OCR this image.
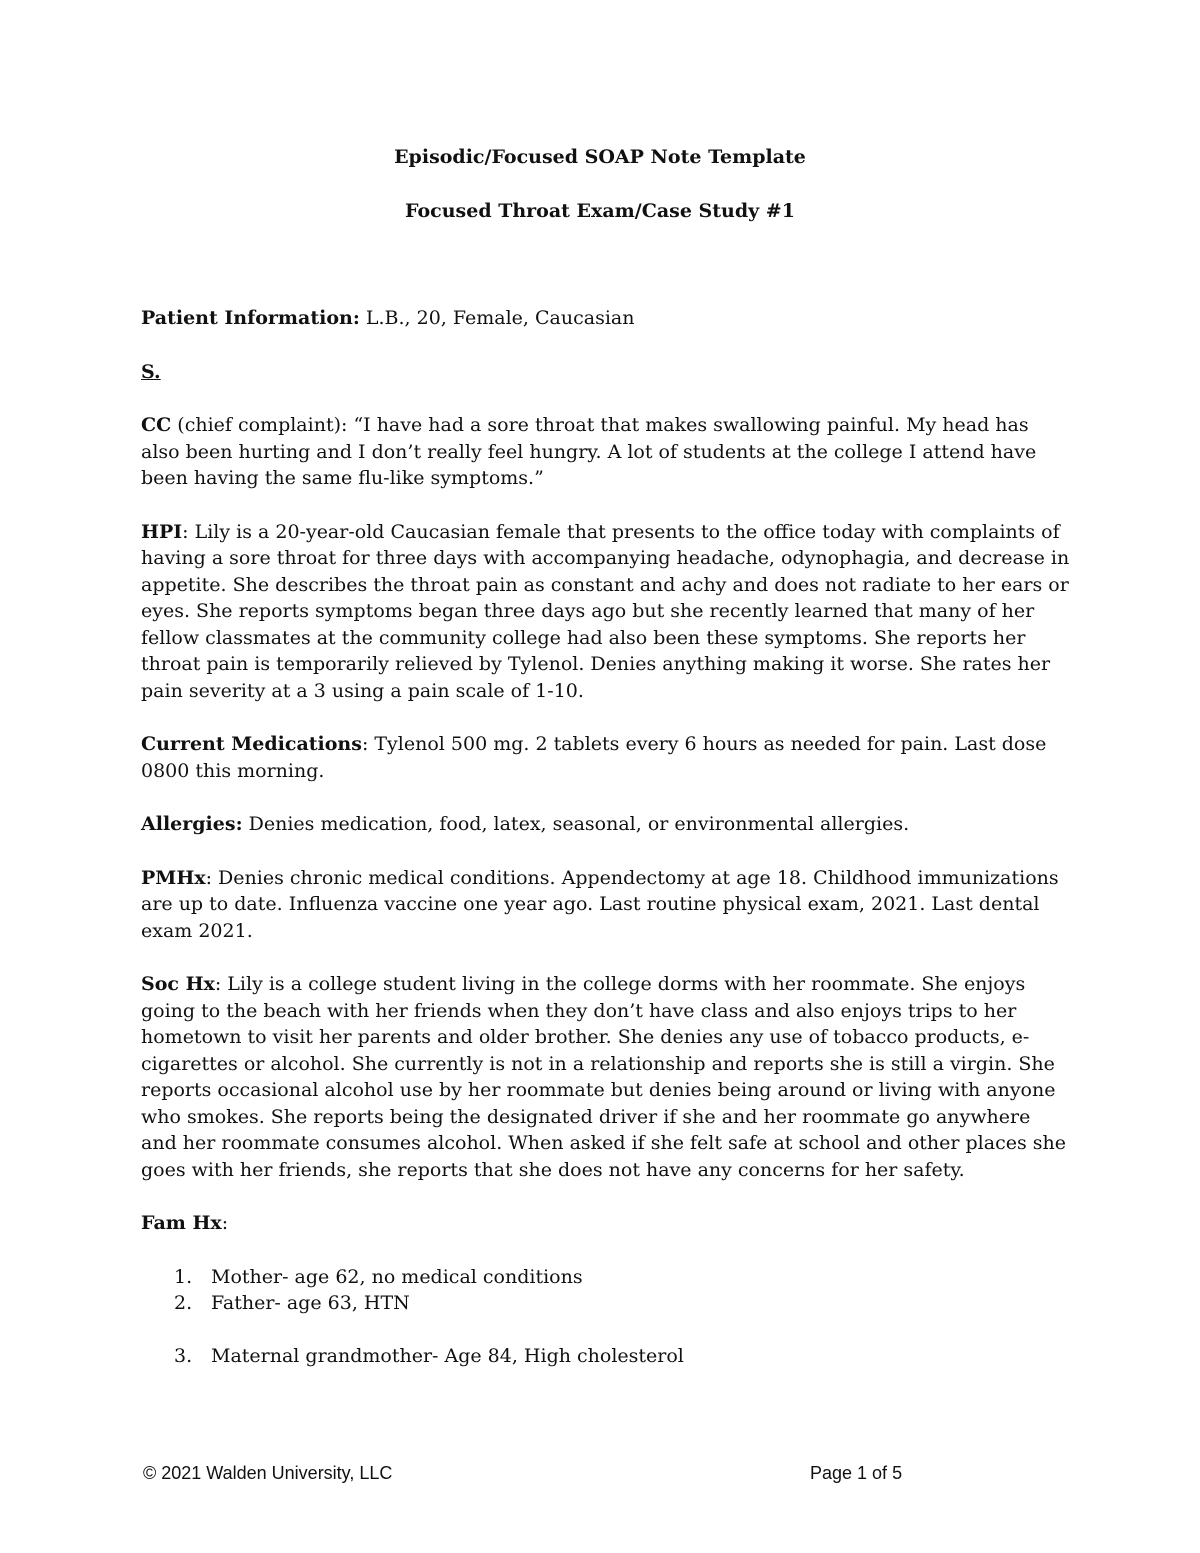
Episodic/Focused SOAP Note Template
Focused Throat Exam/Case Study #1

Patient Information: L.B., 20, Female, Caucasian

S.

CC (chief complaint): “I have had a sore throat that makes swallowing painful. My head has also been hurting and I don’t really feel hungry. A lot of students at the college I attend have been having the same flu-like symptoms.”

HPI: Lily is a 20-year-old Caucasian female that presents to the office today with complaints of having a sore throat for three days with accompanying headache, odynophagia, and decrease in appetite. She describes the throat pain as constant and achy and does not radiate to her ears or eyes. She reports symptoms began three days ago but she recently learned that many of her fellow classmates at the community college had also been these symptoms. She reports her throat pain is temporarily relieved by Tylenol. Denies anything making it worse. She rates her pain severity at a 3 using a pain scale of 1-10.

Current Medications: Tylenol 500 mg. 2 tablets every 6 hours as needed for pain. Last dose 0800 this morning.

Allergies: Denies medication, food, latex, seasonal, or environmental allergies.

PMHx: Denies chronic medical conditions. Appendectomy at age 18. Childhood immunizations are up to date. Influenza vaccine one year ago. Last routine physical exam, 2021. Last dental exam 2021.

Soc Hx: Lily is a college student living in the college dorms with her roommate. She enjoys going to the beach with her friends when they don’t have class and also enjoys trips to her hometown to visit her parents and older brother. She denies any use of tobacco products, e-cigarettes or alcohol. She currently is not in a relationship and reports she is still a virgin. She reports occasional alcohol use by her roommate but denies being around or living with anyone who smokes. She reports being the designated driver if she and her roommate go anywhere and her roommate consumes alcohol. When asked if she felt safe at school and other places she goes with her friends, she reports that she does not have any concerns for her safety.

Fam Hx:

1. Mother- age 62, no medical conditions
2. Father- age 63, HTN
3. Maternal grandmother- Age 84, High cholesterol
© 2021 Walden University, LLC	Page 1 of 5
